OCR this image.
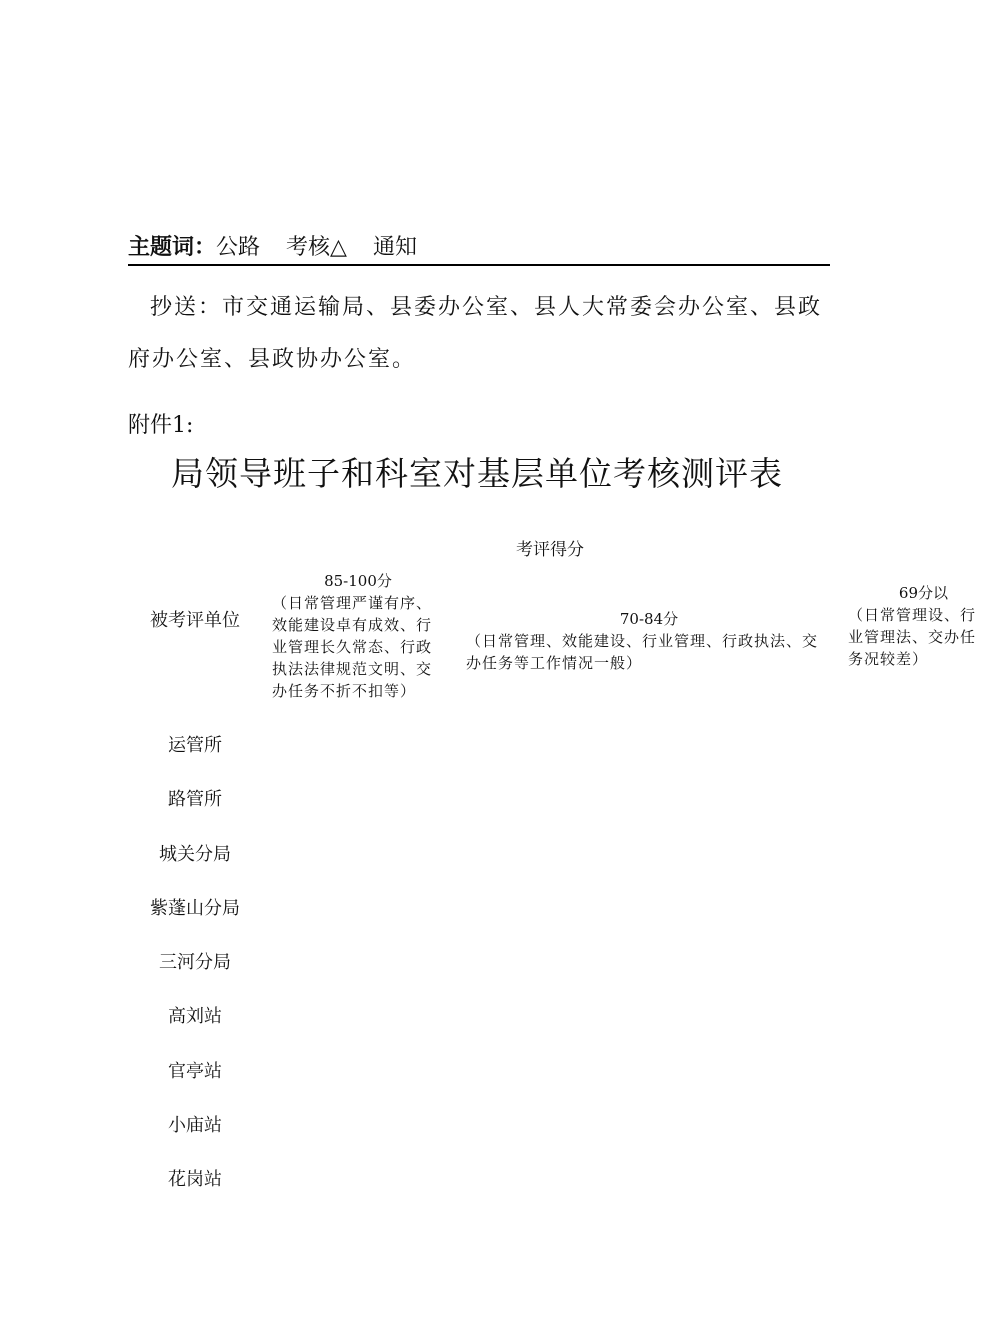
主题词：公路 考核△ 通知

抄送：市交通运输局、县委办公室、县人大常委会办公室、县政府办公室、县政协办公室。

附件1:

局领导班子和科室对基层单位考核测评表
考评得分
被考评单位
85-100分
（日常管理严谨有序、效能建设卓有成效、行业管理长久常态、行政执法法律规范文明、交办任务不折不扣等）
70-84分
（日常管理、效能建设、行业管理、行政执法、交办任务等工作情况一般）
69分以
（日常管理设、行业管理法、交办任务况较差）
运管所
路管所
城关分局
紫蓬山分局
三河分局
高刘站
官亭站
小庙站
花岗站
